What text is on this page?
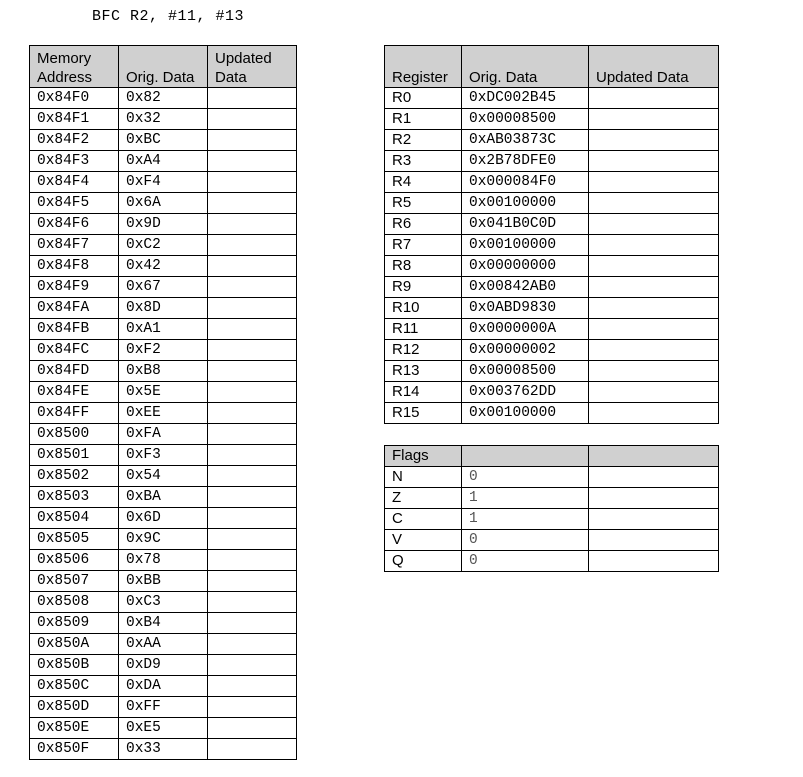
BFC R2, #11, #13
Memory Address	Orig. Data	Updated Data
0x84F0	0x82	
0x84F1	0x32	
0x84F2	0xBC	
0x84F3	0xA4	
0x84F4	0xF4	
0x84F5	0x6A	
0x84F6	0x9D	
0x84F7	0xC2	
0x84F8	0x42	
0x84F9	0x67	
0x84FA	0x8D	
0x84FB	0xA1	
0x84FC	0xF2	
0x84FD	0xB8	
0x84FE	0x5E	
0x84FF	0xEE	
0x8500	0xFA	
0x8501	0xF3	
0x8502	0x54	
0x8503	0xBA	
0x8504	0x6D	
0x8505	0x9C	
0x8506	0x78	
0x8507	0xBB	
0x8508	0xC3	
0x8509	0xB4	
0x850A	0xAA	
0x850B	0xD9	
0x850C	0xDA	
0x850D	0xFF	
0x850E	0xE5	
0x850F	0x33	
Register	Orig. Data	Updated Data
R0	0xDC002B45	
R1	0x00008500	
R2	0xAB03873C	
R3	0x2B78DFE0	
R4	0x000084F0	
R5	0x00100000	
R6	0x041B0C0D	
R7	0x00100000	
R8	0x00000000	
R9	0x00842AB0	
R10	0x0ABD9830	
R11	0x0000000A	
R12	0x00000002	
R13	0x00008500	
R14	0x003762DD	
R15	0x00100000	
Flags		
N	0	
Z	1	
C	1	
V	0	
Q	0	
